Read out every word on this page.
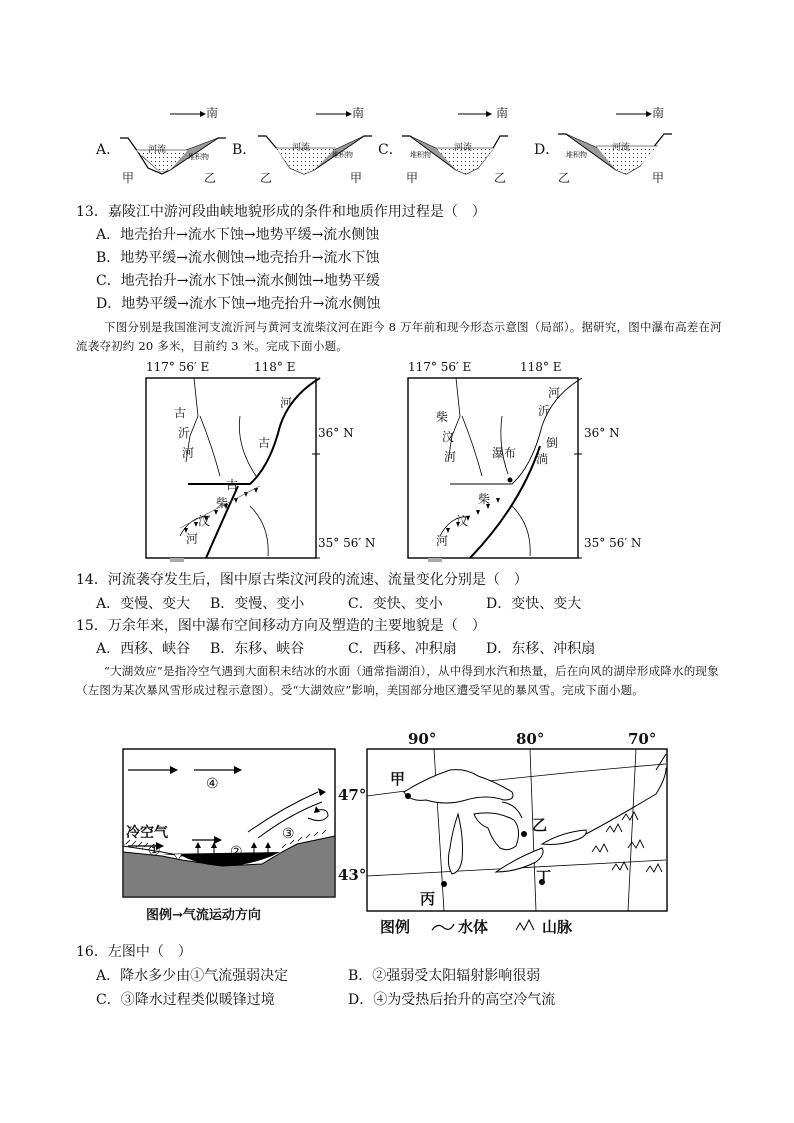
A．
南
河流
堆积物
甲	乙
B．
南
河流
堆积物
乙	甲
C．
南
河流
堆积物
甲	乙
D．
南
河流
堆积物
乙	甲
13．嘉陵江中游河段曲峡地貌形成的条件和地质作用过程是（　）
A．地壳抬升→流水下蚀→地势平缓→流水侧蚀
B．地势平缓→流水侧蚀→地壳抬升→流水下蚀
C．地壳抬升→流水下蚀→流水侧蚀→地势平缓
D．地势平缓→流水下蚀→地壳抬升→流水侧蚀
下图分别是我国淮河支流沂河与黄河支流柴汶河在距今 8 万年前和现今形态示意图（局部）。据研究，图中瀑布高差在河流袭夺初约 20 多米，目前约 3 米。完成下面小题。
117° 56′ E	118° E	117° 56′ E	118° E
36° N
35° 56′ N
36° N
35° 56′ N
古
沂
河
河
古
柴
古
汶
河
河
沂
柴
汶
河	瀑布
倒
淌
柴
汶
河
14．河流袭夺发生后，图中原古柴汶河段的流速、流量变化分别是（　）
A．变慢、变大 B．变慢、变小	C．变快、变小	D．变快、变大
15．万余年来，图中瀑布空间移动方向及塑造的主要地貌是（　）
A．西移、峡谷 B．东移、峡谷	C．西移、冲积扇 D．东移、冲积扇
“大湖效应”是指冷空气遇到大面积未结冰的水面（通常指湖泊），从中得到水汽和热量，后在向风的湖岸形成降水的现象（左图为某次暴风雪形成过程示意图）。受“大湖效应”影响，美国部分地区遭受罕见的暴风雪。完成下面小题。
④
冷空气
①	②
③
图例→气流运动方向
90°	80°	70°
47°
43°
甲
乙
丙
丁
图例	水体	山脉
16．左图中（　）
A．降水多少由①气流强弱决定	B．②强弱受太阳辐射影响很弱
C．③降水过程类似暖锋过境	D．④为受热后抬升的高空冷气流
